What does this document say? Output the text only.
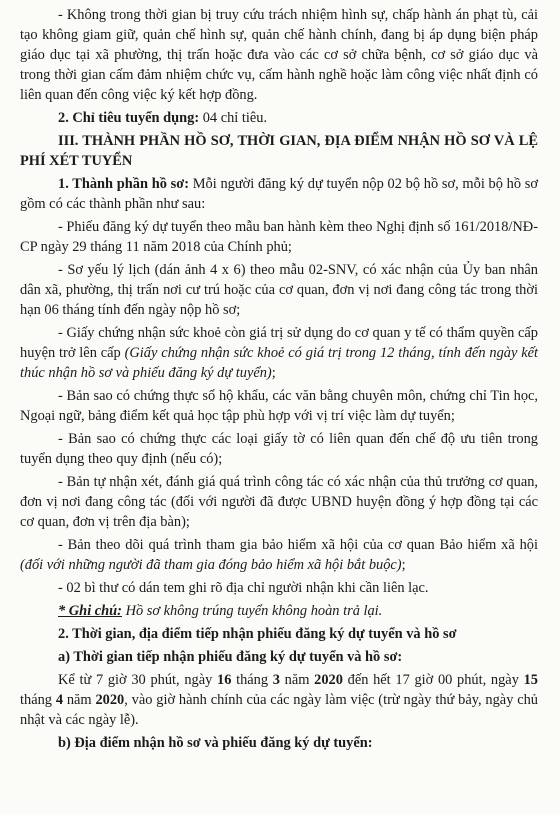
- Không trong thời gian bị truy cứu trách nhiệm hình sự, chấp hành án phạt tù, cải tạo không giam giữ, quản chế hình sự, quản chế hành chính, đang bị áp dụng biện pháp giáo dục tại xã phường, thị trấn hoặc đưa vào các cơ sở chữa bệnh, cơ sở giáo dục và trong thời gian cấm đảm nhiệm chức vụ, cấm hành nghề hoặc làm công việc nhất định có liên quan đến công việc ký kết hợp đồng.

2. Chỉ tiêu tuyển dụng: 04 chỉ tiêu.

III. THÀNH PHẦN HỒ SƠ, THỜI GIAN, ĐỊA ĐIỂM NHẬN HỒ SƠ VÀ LỆ PHÍ XÉT TUYỂN

1. Thành phần hồ sơ: Mỗi người đăng ký dự tuyển nộp 02 bộ hồ sơ, mỗi bộ hồ sơ gồm có các thành phần như sau:

- Phiếu đăng ký dự tuyển theo mẫu ban hành kèm theo Nghị định số 161/2018/NĐ-CP ngày 29 tháng 11 năm 2018 của Chính phủ;

- Sơ yếu lý lịch (dán ảnh 4 x 6) theo mẫu 02-SNV, có xác nhận của Ủy ban nhân dân xã, phường, thị trấn nơi cư trú hoặc của cơ quan, đơn vị nơi đang công tác trong thời hạn 06 tháng tính đến ngày nộp hồ sơ;

- Giấy chứng nhận sức khoẻ còn giá trị sử dụng do cơ quan y tế có thẩm quyền cấp huyện trở lên cấp (Giấy chứng nhận sức khoẻ có giá trị trong 12 tháng, tính đến ngày kết thúc nhận hồ sơ và phiếu đăng ký dự tuyển);

- Bản sao có chứng thực sổ hộ khẩu, các văn bằng chuyên môn, chứng chỉ Tin học, Ngoại ngữ, bảng điểm kết quả học tập phù hợp với vị trí việc làm dự tuyển;

- Bản sao có chứng thực các loại giấy tờ có liên quan đến chế độ ưu tiên trong tuyển dụng theo quy định (nếu có);

- Bản tự nhận xét, đánh giá quá trình công tác có xác nhận của thủ trưởng cơ quan, đơn vị nơi đang công tác (đối với người đã được UBND huyện đồng ý hợp đồng tại các cơ quan, đơn vị trên địa bàn);

- Bản theo dõi quá trình tham gia bảo hiểm xã hội của cơ quan Bảo hiểm xã hội (đối với những người đã tham gia đóng bảo hiểm xã hội bắt buộc);

- 02 bì thư có dán tem ghi rõ địa chỉ người nhận khi cần liên lạc.

* Ghi chú: Hồ sơ không trúng tuyển không hoàn trả lại.

2. Thời gian, địa điểm tiếp nhận phiếu đăng ký dự tuyển và hồ sơ

a) Thời gian tiếp nhận phiếu đăng ký dự tuyển và hồ sơ:

Kể từ 7 giờ 30 phút, ngày 16 tháng 3 năm 2020 đến hết 17 giờ 00 phút, ngày 15 tháng 4 năm 2020, vào giờ hành chính của các ngày làm việc (trừ ngày thứ bảy, ngày chủ nhật và các ngày lễ).

b) Địa điểm nhận hồ sơ và phiếu đăng ký dự tuyển:
